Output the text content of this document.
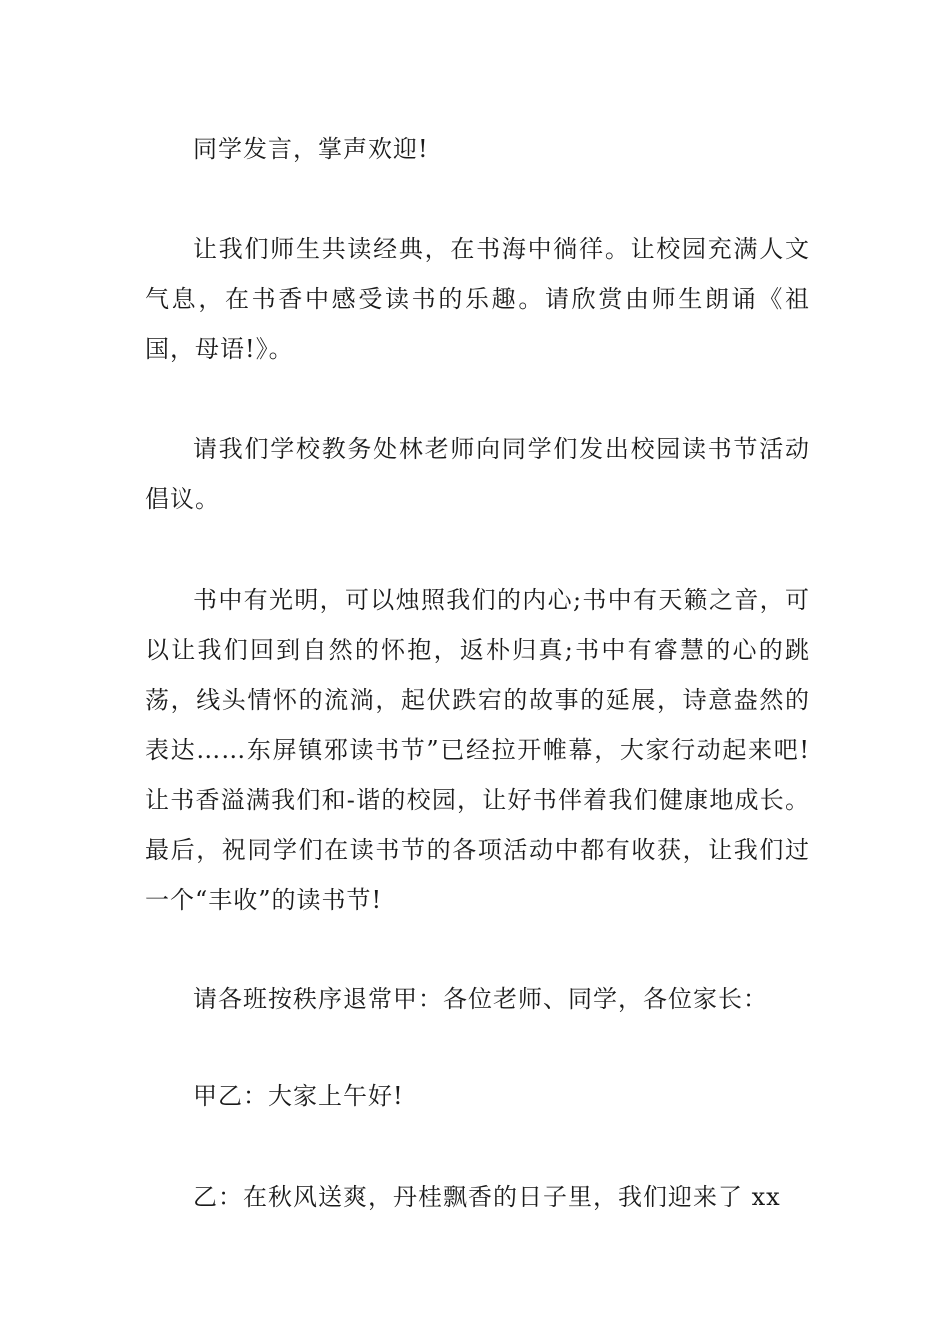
同学发言，掌声欢迎!

让我们师生共读经典，在书海中徜徉。让校园充满人文气息，在书香中感受读书的乐趣。请欣赏由师生朗诵《祖国，母语!》。

请我们学校教务处林老师向同学们发出校园读书节活动倡议。

书中有光明，可以烛照我们的内心;书中有天籁之音，可以让我们回到自然的怀抱，返朴归真;书中有睿慧的心的跳荡，线头情怀的流淌，起伏跌宕的故事的延展，诗意盎然的表达……东屏镇邪读书节”已经拉开帷幕，大家行动起来吧!让书香溢满我们和-谐的校园，让好书伴着我们健康地成长。最后，祝同学们在读书节的各项活动中都有收获，让我们过一个“丰收”的读书节!

请各班按秩序退常甲：各位老师、同学，各位家长：

甲乙：大家上午好!

乙：在秋风送爽，丹桂飘香的日子里，我们迎来了 xx
